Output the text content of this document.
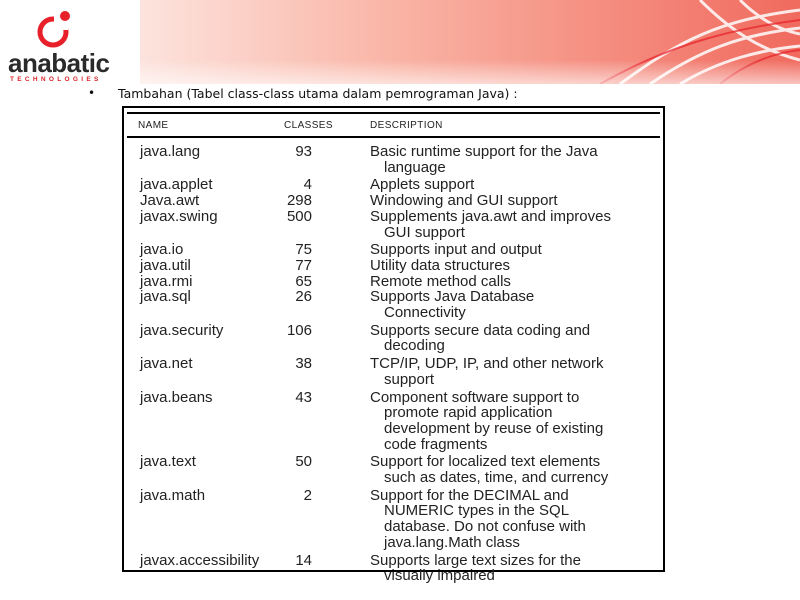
anabatic
TECHNOLOGIES
• Tambahan (Tabel class-class utama dalam pemrograman Java) :
NAME	CLASSES	DESCRIPTION
java.lang	93	Basic runtime support for the Java
language
java.applet	4	Applets support
Java.awt	298	Windowing and GUI support
javax.swing	500	Supplements java.awt and improves
GUI support
java.io	75	Supports input and output
java.util	77	Utility data structures
java.rmi	65	Remote method calls
java.sql	26	Supports Java Database
Connectivity
java.security	106	Supports secure data coding and
decoding
java.net	38	TCP/IP, UDP, IP, and other network
support
java.beans	43	Component software support to
promote rapid application
development by reuse of existing
code fragments
java.text	50	Support for localized text elements
such as dates, time, and currency
java.math	2	Support for the DECIMAL and
NUMERIC types in the SQL
database. Do not confuse with
java.lang.Math class
javax.accessibility	14	Supports large text sizes for the
visually impaired
